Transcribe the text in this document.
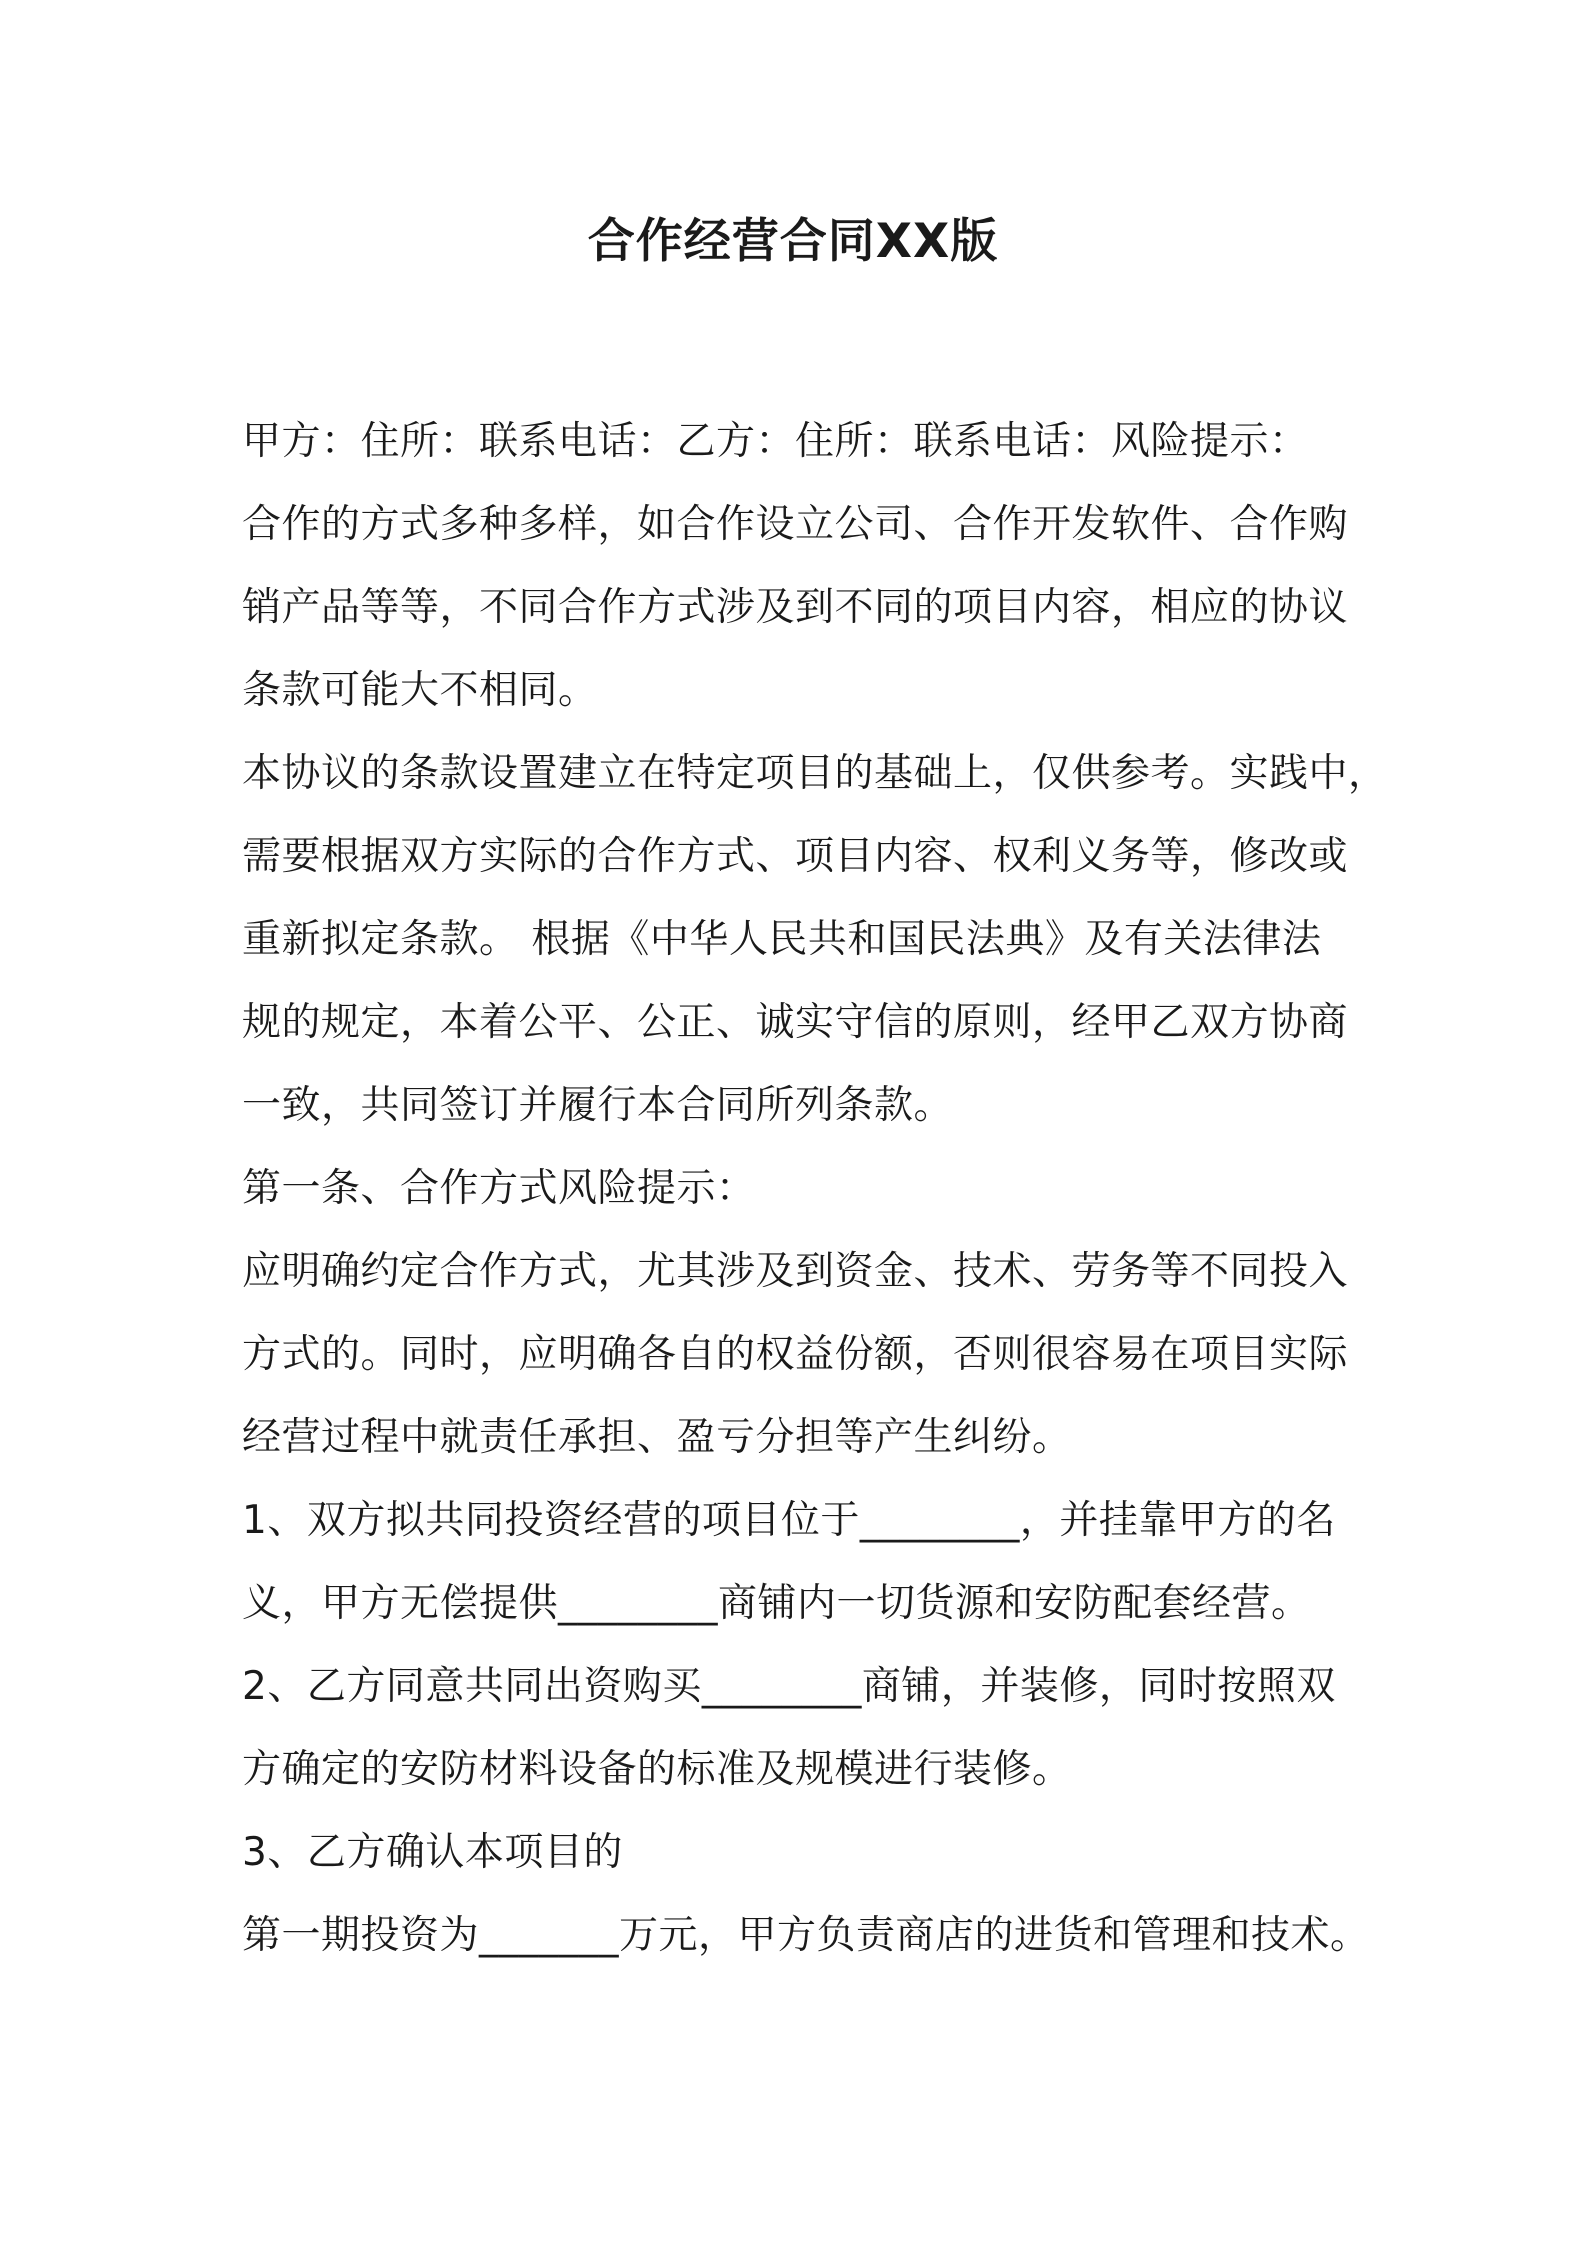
合作经营合同XX版
甲方：住所：联系电话：乙方：住所：联系电话：风险提示：
合作的方式多种多样，如合作设立公司、合作开发软件、合作购
销产品等等，不同合作方式涉及到不同的项目内容，相应的协议
条款可能大不相同。
本协议的条款设置建立在特定项目的基础上，仅供参考。实践中，
需要根据双方实际的合作方式、项目内容、权利义务等，修改或
重新拟定条款。 根据《中华人民共和国民法典》及有关法律法
规的规定，本着公平、公正、诚实守信的原则，经甲乙双方协商
一致，共同签订并履行本合同所列条款。
第一条、合作方式风险提示：
应明确约定合作方式，尤其涉及到资金、技术、劳务等不同投入
方式的。同时，应明确各自的权益份额，否则很容易在项目实际
经营过程中就责任承担、盈亏分担等产生纠纷。
1、双方拟共同投资经营的项目位于________，并挂靠甲方的名
义，甲方无偿提供________商铺内一切货源和安防配套经营。
2、乙方同意共同出资购买________商铺，并装修，同时按照双
方确定的安防材料设备的标准及规模进行装修。
3、乙方确认本项目的
第一期投资为_______万元，甲方负责商店的进货和管理和技术。
